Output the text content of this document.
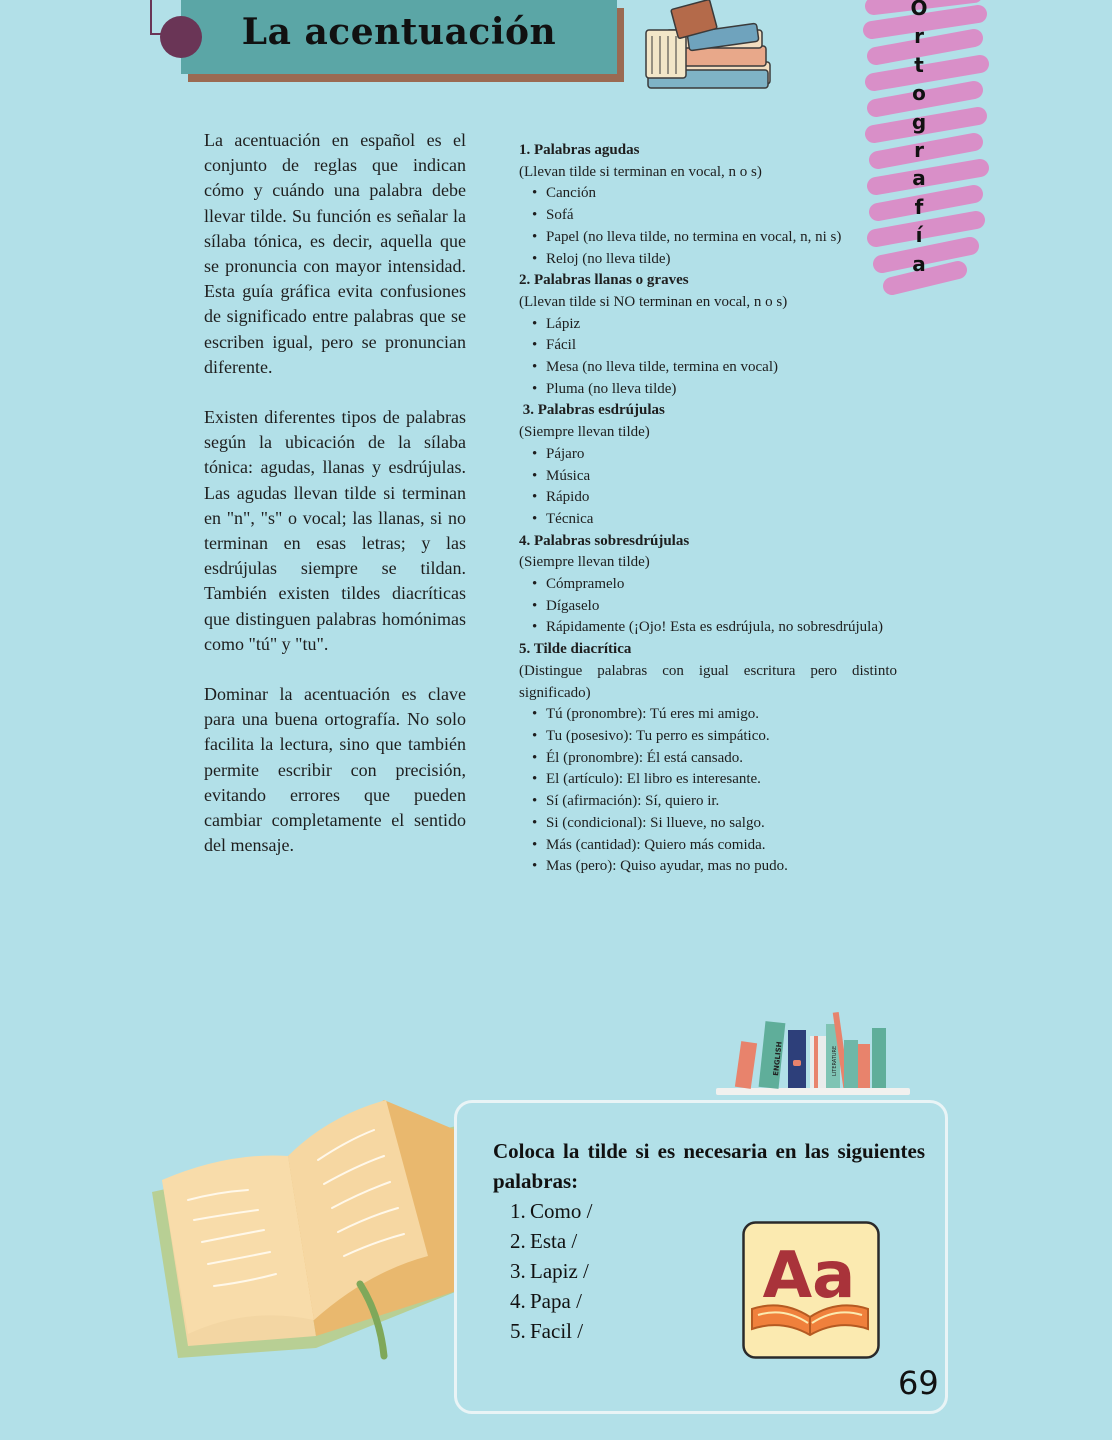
La acentuación
O
r
t
o
g
r
a
f
í
a

La acentuación en español es el conjunto de reglas que indican cómo y cuándo una palabra debe llevar tilde. Su función es señalar la sílaba tónica, es decir, aquella que se pronuncia con mayor intensidad. Esta guía gráfica evita confusiones de significado entre palabras que se escriben igual, pero se pronuncian diferente.

Existen diferentes tipos de palabras según la ubicación de la sílaba tónica: agudas, llanas y esdrújulas. Las agudas llevan tilde si terminan en "n", "s" o vocal; las llanas, si no terminan en esas letras; y las esdrújulas siempre se tildan. También existen tildes diacríticas que distinguen palabras homónimas como "tú" y "tu".

Dominar la acentuación es clave para una buena ortografía. No solo facilita la lectura, sino que también permite escribir con precisión, evitando errores que pueden cambiar completamente el sentido del mensaje.

1. Palabras agudas
(Llevan tilde si terminan en vocal, n o s)
• Canción
• Sofá
• Papel (no lleva tilde, no termina en vocal, n, ni s)
• Reloj (no lleva tilde)
2. Palabras llanas o graves
(Llevan tilde si NO terminan en vocal, n o s)
• Lápiz
• Fácil
• Mesa (no lleva tilde, termina en vocal)
• Pluma (no lleva tilde)
3. Palabras esdrújulas
(Siempre llevan tilde)
• Pájaro
• Música
• Rápido
• Técnica
4. Palabras sobresdrújulas
(Siempre llevan tilde)
• Cómpramelo
• Dígaselo
• Rápidamente (¡Ojo! Esta es esdrújula, no sobresdrújula)
5. Tilde diacrítica
(Distingue palabras con igual escritura pero distinto significado)
• Tú (pronombre): Tú eres mi amigo.
• Tu (posesivo): Tu perro es simpático.
• Él (pronombre): Él está cansado.
• El (artículo): El libro es interesante.
• Sí (afirmación): Sí, quiero ir.
• Si (condicional): Si llueve, no salgo.
• Más (cantidad): Quiero más comida.
• Mas (pero): Quiso ayudar, mas no pudo.
ENGLISH	LITERATURE
Coloca la tilde si es necesaria en las siguientes palabras:
1. Como /
2. Esta /
3. Lapiz /
4. Papa /
5. Facil /
Aa
69
